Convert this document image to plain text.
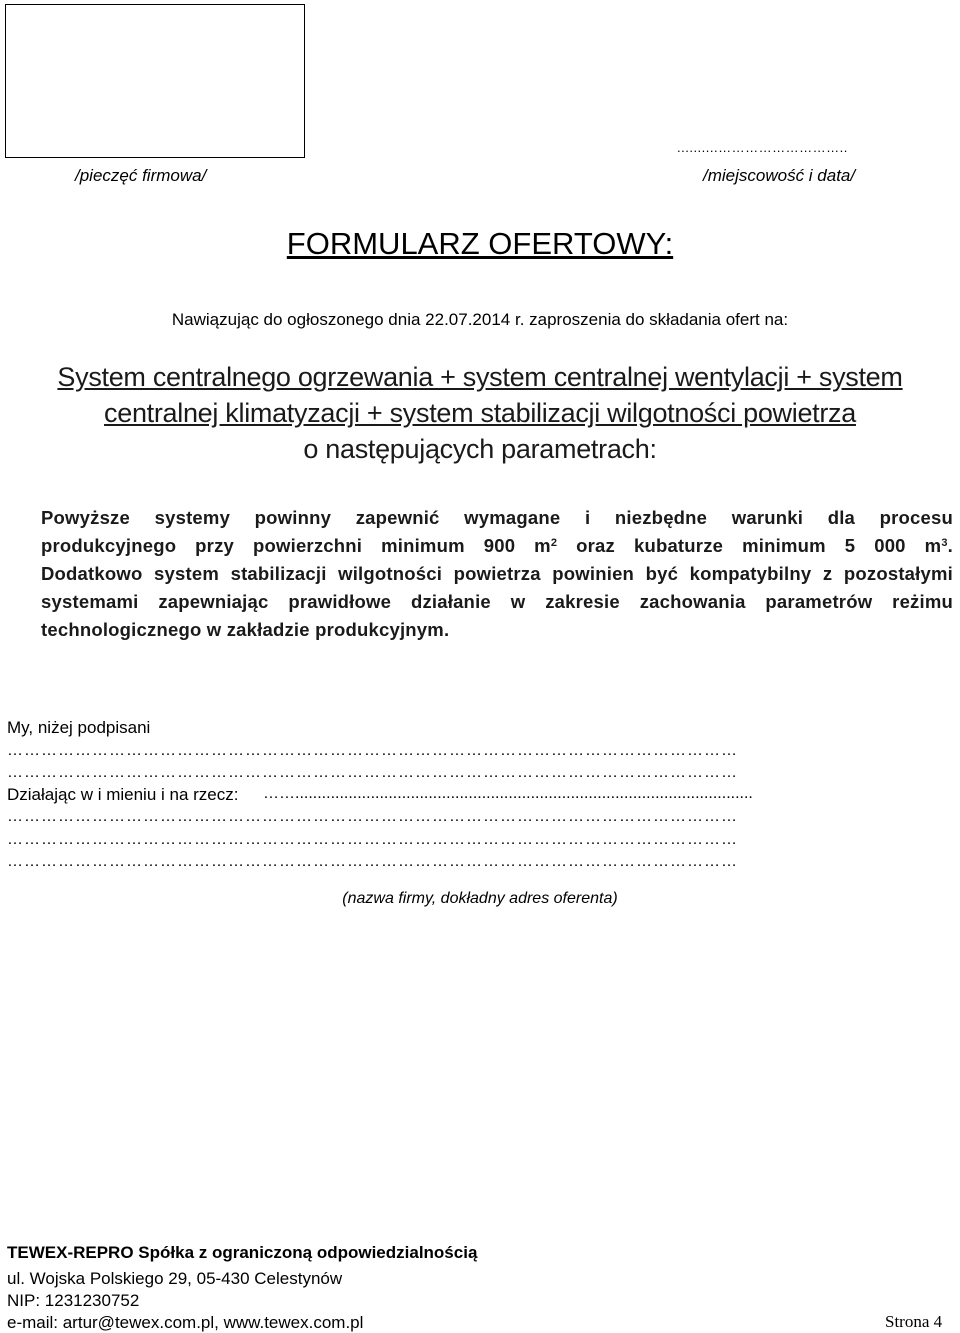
/pieczęć firmowa/
..........………………………..
/miejscowość i data/
FORMULARZ OFERTOWY:
Nawiązując do ogłoszonego dnia 22.07.2014 r. zaproszenia do składania ofert na:
System centralnego ogrzewania + system centralnej wentylacji + system
centralnej klimatyzacji + system stabilizacji wilgotności powietrza
o następujących parametrach:
Powyższe systemy powinny zapewnić wymagane i niezbędne warunki dla procesu
produkcyjnego przy powierzchni minimum 900 $m^2$ oraz kubaturze minimum 5 000 $m^3$.
Dodatkowo system stabilizacji wilgotności powietrza powinien być kompatybilny z pozostałymi
systemami zapewniając prawidłowe działanie w zakresie zachowania parametrów reżimu
technologicznego w zakładzie produkcyjnym.
My, niżej podpisani
…………………………………………………………………………………………………………………
…………………………………………………………………………………………………………………
Działając w i mieniu i na rzecz: …….......................................................................................................
…………………………………………………………………………………………………………………
…………………………………………………………………………………………………………………
…………………………………………………………………………………………………………………
(nazwa firmy, dokładny adres oferenta)
TEWEX-REPRO Spółka z ograniczoną odpowiedzialnością
ul. Wojska Polskiego 29, 05-430 Celestynów
NIP: 1231230752
e-mail: artur@tewex.com.pl, www.tewex.com.pl	Strona 4
